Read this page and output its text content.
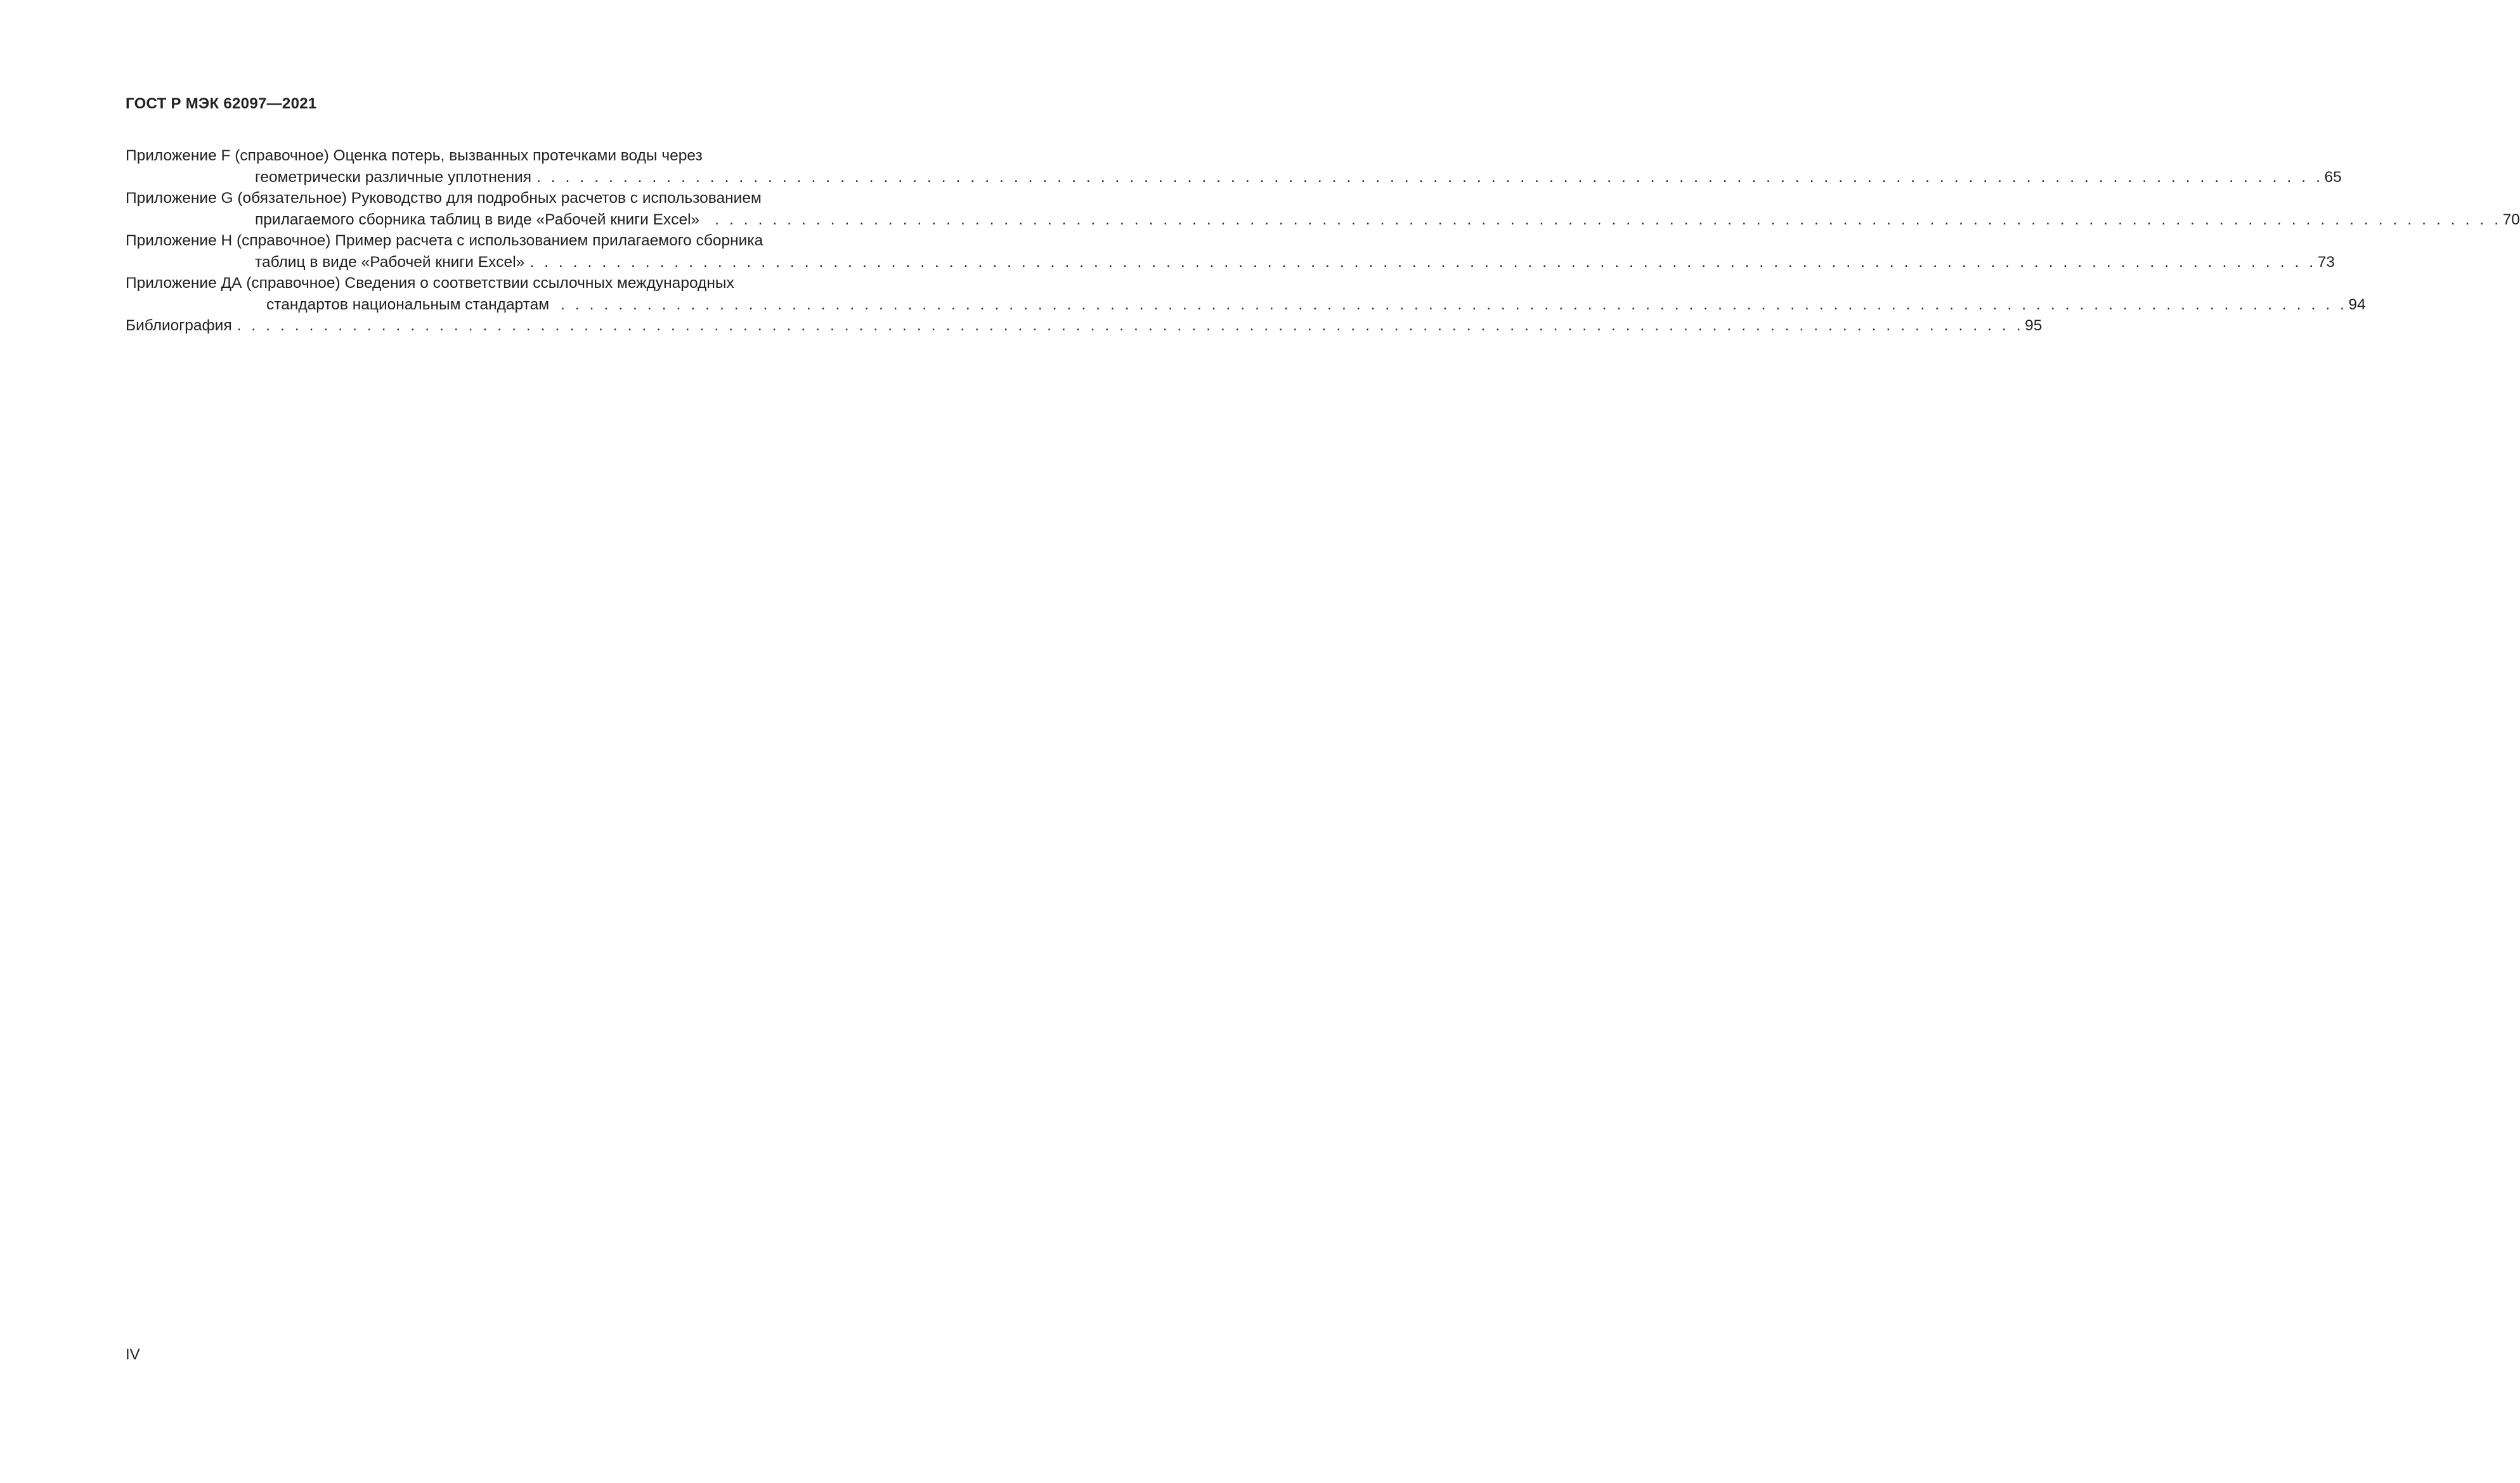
ГОСТ Р МЭК 62097—2021
Приложение F (справочное) Оценка потерь, вызванных протечками воды через
геометрически различные уплотнения . . . . . . . . . . . . . . . . . . . . . . . . . . . . . . . . . . . . . . . . . . . . . . . . . . . . . . . . . . . . . . . . . . . . . . . . . . . . . . . . . . . . . . . . . . . . . . . . . . . . . . . . . . . . . . . . . . . . . . . . . . . . 65
Приложение G (обязательное) Руководство для подробных расчетов с использованием
прилагаемого сборника таблиц в виде «Рабочей книги Excel» . . . . . . . . . . . . . . . . . . . . . . . . . . . . . . . . . . . . . . . . . . . . . . . . . . . . . . . . . . . . . . . . . . . . . . . . . . . . . . . . . . . . . . . . . . . . . . . . . . . . . . . . . . . . . . . . . . . . . . . . . . . . 70
Приложение H (справочное) Пример расчета с использованием прилагаемого сборника
таблиц в виде «Рабочей книги Excel» . . . . . . . . . . . . . . . . . . . . . . . . . . . . . . . . . . . . . . . . . . . . . . . . . . . . . . . . . . . . . . . . . . . . . . . . . . . . . . . . . . . . . . . . . . . . . . . . . . . . . . . . . . . . . . . . . . . . . . . . . . . . 73
Приложение ДА (справочное) Сведения о соответствии ссылочных международных
стандартов национальным стандартам . . . . . . . . . . . . . . . . . . . . . . . . . . . . . . . . . . . . . . . . . . . . . . . . . . . . . . . . . . . . . . . . . . . . . . . . . . . . . . . . . . . . . . . . . . . . . . . . . . . . . . . . . . . . . . . . . . . . . . . . . . . . 94
Библиография . . . . . . . . . . . . . . . . . . . . . . . . . . . . . . . . . . . . . . . . . . . . . . . . . . . . . . . . . . . . . . . . . . . . . . . . . . . . . . . . . . . . . . . . . . . . . . . . . . . . . . . . . . . . . . . . . . . . . . . . . . . . 95
IV
